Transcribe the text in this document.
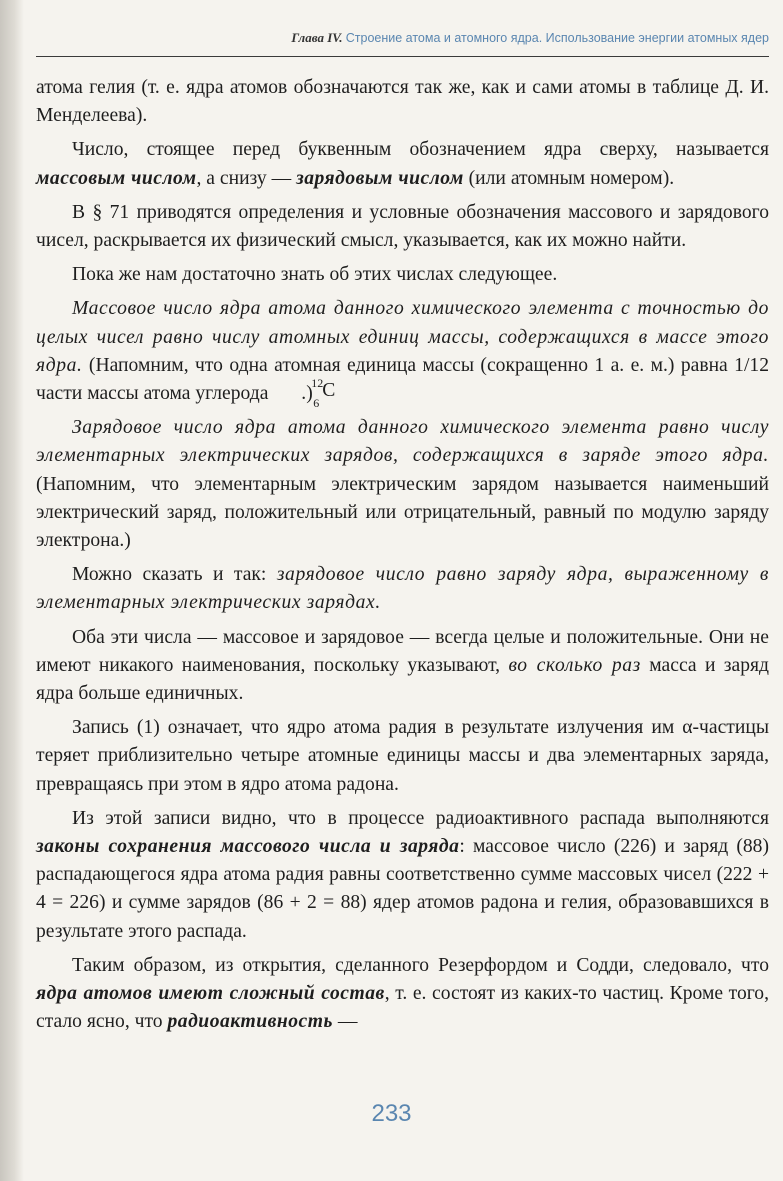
Глава IV. Строение атома и атомного ядра. Использование энергии атомных ядер

атома гелия (т. е. ядра атомов обозначаются так же, как и сами атомы в таблице Д. И. Менделеева).

Число, стоящее перед буквенным обозначением ядра сверху, называется массовым числом, а снизу — зарядовым числом (или атомным номером).

В § 71 приводятся определения и условные обозначения массового и зарядового чисел, раскрывается их физический смысл, указывается, как их можно найти.

Пока же нам достаточно знать об этих числах следующее.

Массовое число ядра атома данного химического элемента с точностью до целых чисел равно числу атомных единиц массы, содержащихся в массе этого ядра. (Напомним, что одна атомная единица массы (сокращенно 1 а. е. м.) равна 1/12 части массы атома углерода	12
6
C
.)

Зарядовое число ядра атома данного химического элемента равно числу элементарных электрических зарядов, содержащихся в заряде этого ядра. (Напомним, что элементарным электрическим зарядом называется наименьший электрический заряд, положительный или отрицательный, равный по модулю заряду электрона.)

Можно сказать и так: зарядовое число равно заряду ядра, выраженному в элементарных электрических зарядах.

Оба эти числа — массовое и зарядовое — всегда целые и положительные. Они не имеют никакого наименования, поскольку указывают, во сколько раз масса и заряд ядра больше единичных.

Запись (1) означает, что ядро атома радия в результате излучения им α-частицы теряет приблизительно четыре атомные единицы массы и два элементарных заряда, превращаясь при этом в ядро атома радона.

Из этой записи видно, что в процессе радиоактивного распада выполняются законы сохранения массового числа и заряда: массовое число (226) и заряд (88) распадающегося ядра атома радия равны соответственно сумме массовых чисел (222 + 4 = 226) и сумме зарядов (86 + 2 = 88) ядер атомов радона и гелия, образовавшихся в результате этого распада.

Таким образом, из открытия, сделанного Резерфордом и Содди, следовало, что ядра атомов имеют сложный состав, т. е. состоят из каких-то частиц. Кроме того, стало ясно, что радиоактивность —

233
